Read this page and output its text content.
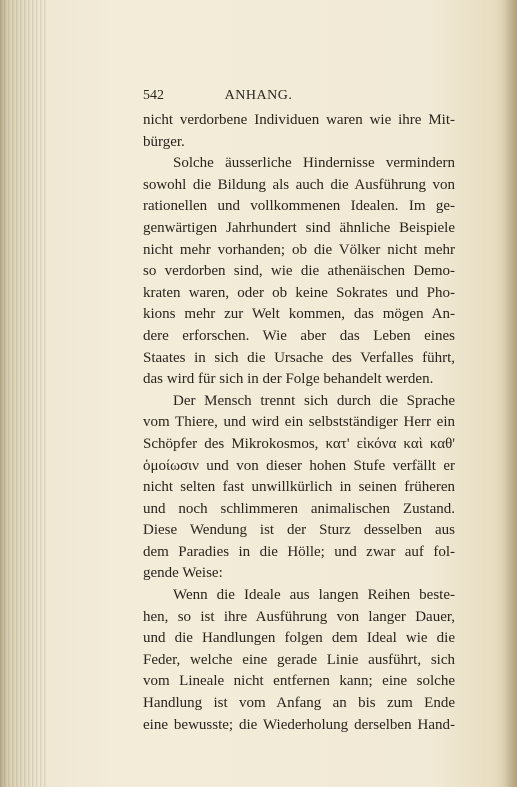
542	ANHANG.
nicht verdorbene Individuen waren wie ihre Mit-
bürger.
Solche äusserliche Hindernisse vermindern
sowohl die Bildung als auch die Ausführung von
rationellen und vollkommenen Idealen. Im ge-
genwärtigen Jahrhundert sind ähnliche Beispiele
nicht mehr vorhanden; ob die Völker nicht mehr
so verdorben sind, wie die athenäischen Demo-
kraten waren, oder ob keine Sokrates und Pho-
kions mehr zur Welt kommen, das mögen An-
dere erforschen. Wie aber das Leben eines
Staates in sich die Ursache des Verfalles führt,
das wird für sich in der Folge behandelt werden.
Der Mensch trennt sich durch die Sprache
vom Thiere, und wird ein selbstständiger Herr ein
Schöpfer des Mikrokosmos, κατ' εἰκόνα καὶ καθ'
ὁμοίωσιν und von dieser hohen Stufe verfällt er
nicht selten fast unwillkürlich in seinen früheren
und noch schlimmeren animalischen Zustand.
Diese Wendung ist der Sturz desselben aus
dem Paradies in die Hölle; und zwar auf fol-
gende Weise:
Wenn die Ideale aus langen Reihen beste-
hen, so ist ihre Ausführung von langer Dauer,
und die Handlungen folgen dem Ideal wie die
Feder, welche eine gerade Linie ausführt, sich
vom Lineale nicht entfernen kann; eine solche
Handlung ist vom Anfang an bis zum Ende
eine bewusste; die Wiederholung derselben Hand-
